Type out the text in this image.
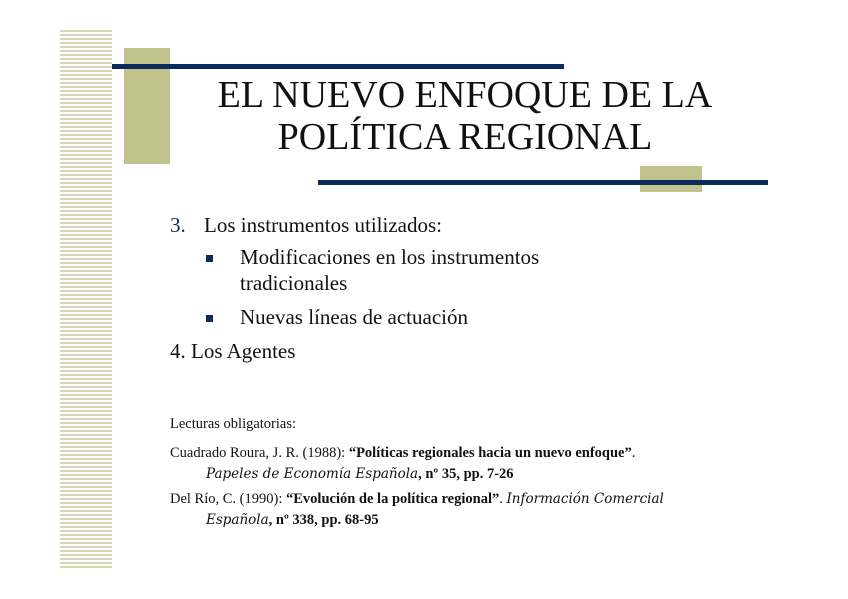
EL NUEVO ENFOQUE DE LA
POLÍTICA REGIONAL
3. Los instrumentos utilizados:
Modificaciones en los instrumentos
tradicionales
Nuevas líneas de actuación
4. Los Agentes
Lecturas obligatorias:
Cuadrado Roura, J. R. (1988): “Políticas regionales hacia un nuevo enfoque”. Papeles de Economía Española, nº 35, pp. 7-26
Del Río, C. (1990): “Evolución de la política regional”. Información Comercial Española, nº 338, pp. 68-95
